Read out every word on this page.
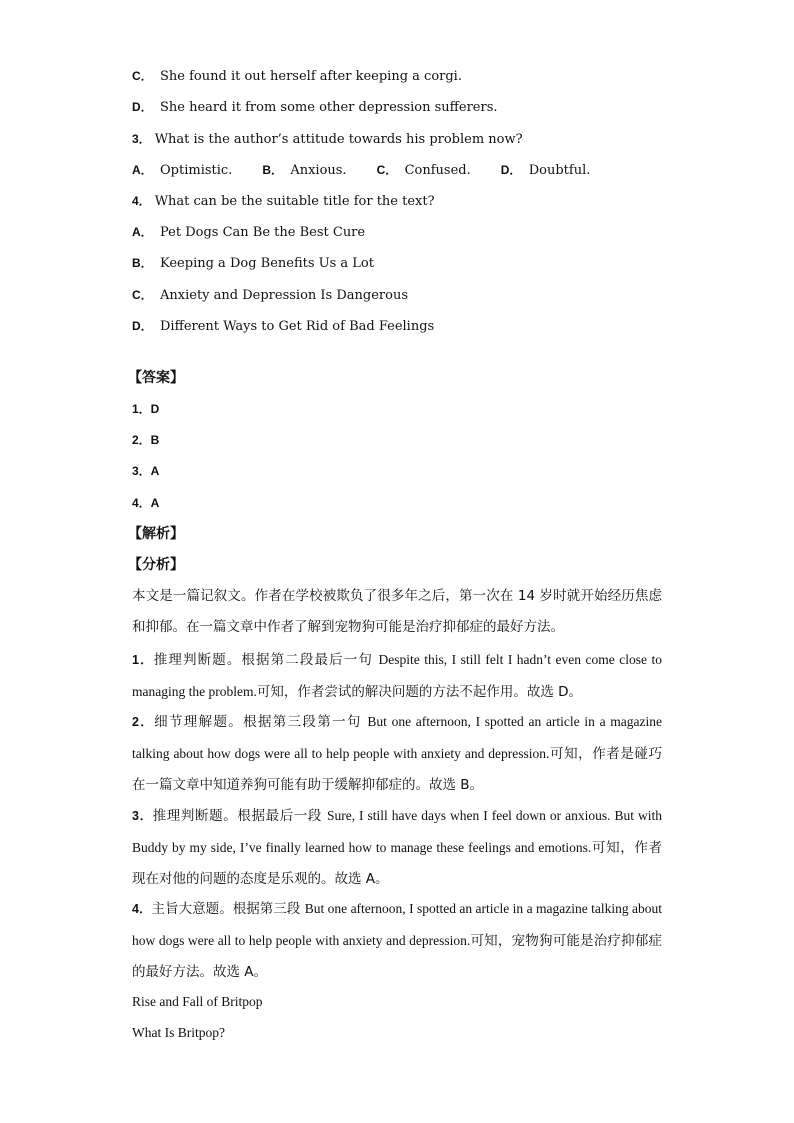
C． She found it out herself after keeping a corgi.
D． She heard it from some other depression sufferers.
3． What is the author’s attitude towards his problem now?
A． Optimistic.	B． Anxious.	C． Confused.	D． Doubtful.
4． What can be the suitable title for the text?
A． Pet Dogs Can Be the Best Cure
B． Keeping a Dog Benefits Us a Lot
C． Anxiety and Depression Is Dangerous
D． Different Ways to Get Rid of Bad Feelings
【答案】
1．D
2．B
3．A
4．A
【解析】
【分析】
本文是一篇记叙文。作者在学校被欺负了很多年之后，第一次在 14 岁时就开始经历焦虑和抑郁。在一篇文章中作者了解到宠物狗可能是治疗抑郁症的最好方法。
1．推理判断题。根据第二段最后一句 Despite this, I still felt I hadn’t even come close to managing the problem.可知，作者尝试的解决问题的方法不起作用。故选 D。
2．细节理解题。根据第三段第一句 But one afternoon, I spotted an article in a magazine talking about how dogs were all to help people with anxiety and depression.可知，作者是碰巧在一篇文章中知道养狗可能有助于缓解抑郁症的。故选 B。
3．推理判断题。根据最后一段 Sure, I still have days when I feel down or anxious. But with Buddy by my side, I’ve finally learned how to manage these feelings and emotions.可知，作者现在对他的问题的态度是乐观的。故选 A。
4．主旨大意题。根据第三段 But one afternoon, I spotted an article in a magazine talking about how dogs were all to help people with anxiety and depression.可知，宠物狗可能是治疗抑郁症的最好方法。故选 A。
Rise and Fall of Britpop
What Is Britpop?
